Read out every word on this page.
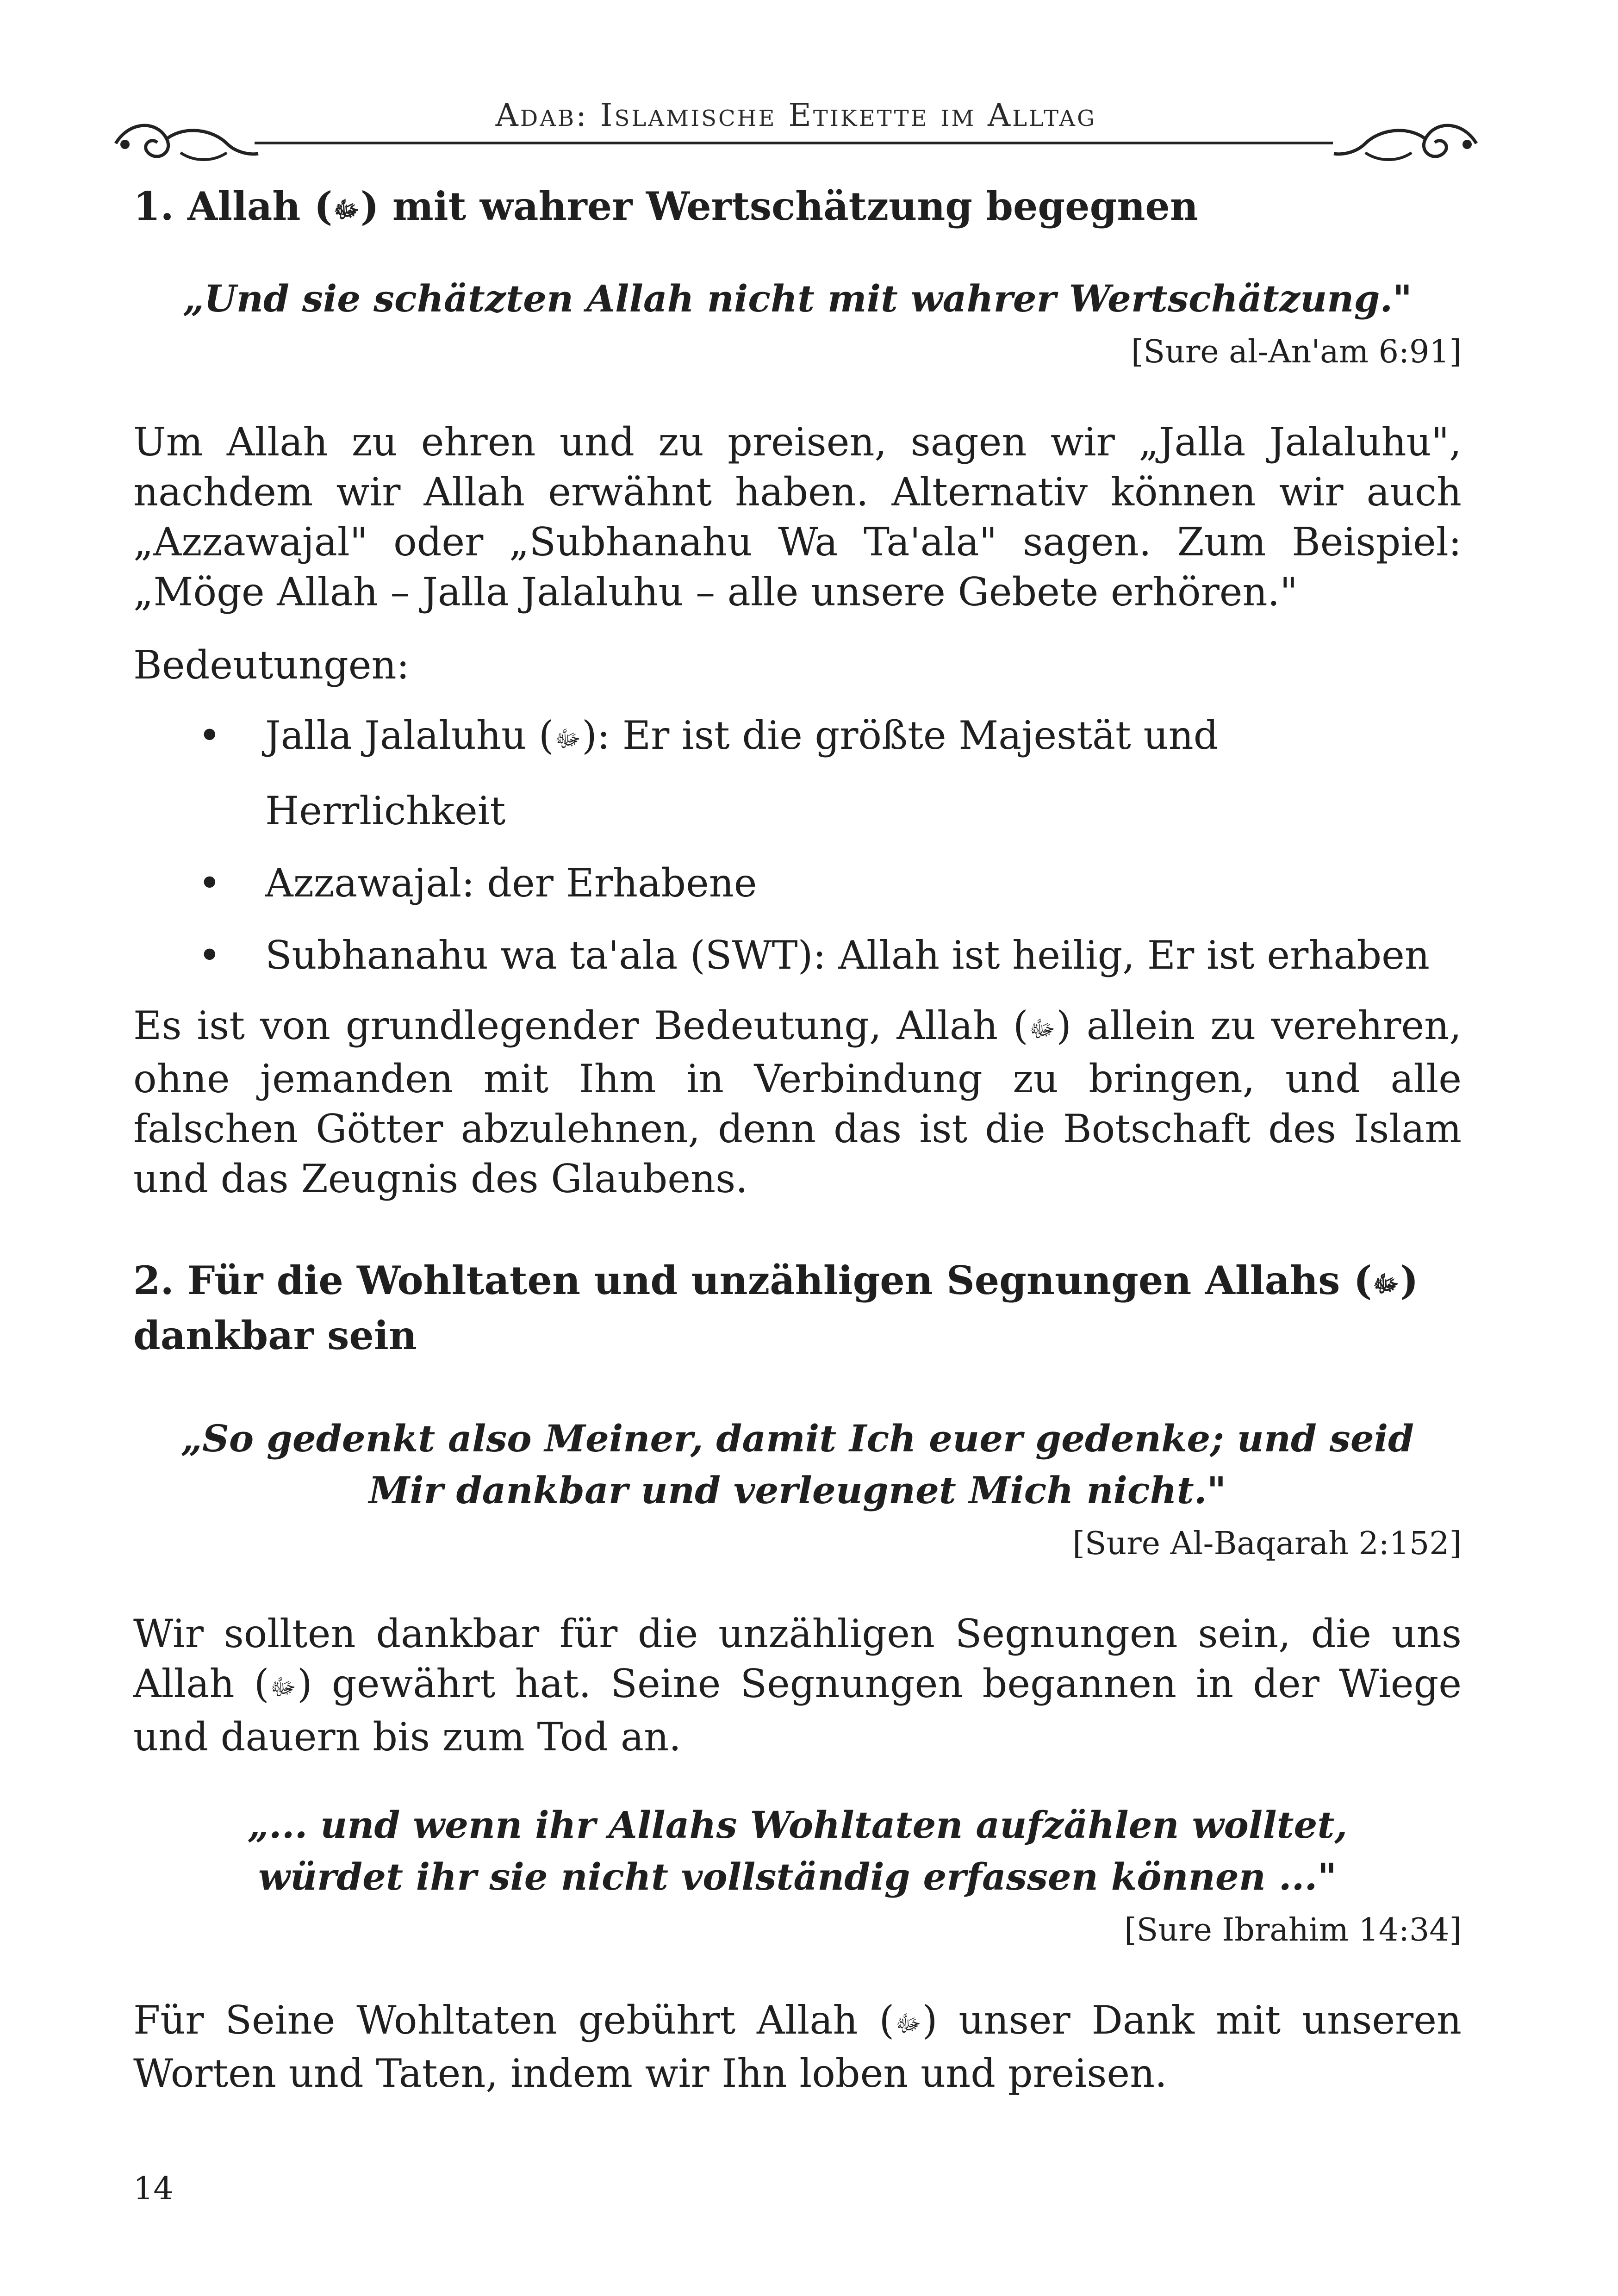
Adab: Islamische Etikette im Alltag
1. Allah (ﷻ) mit wahrer Wertschätzung begegnen

„Und sie schätzten Allah nicht mit wahrer Wertschätzung."

[Sure al-An'am 6:91]

Um Allah zu ehren und zu preisen, sagen wir „Jalla Jalaluhu", nachdem wir Allah erwähnt haben. Alternativ können wir auch „Azzawajal" oder „Subhanahu Wa Ta'ala" sagen. Zum Beispiel: „Möge Allah – Jalla Jalaluhu – alle unsere Gebete erhören."

Bedeutungen:

• Jalla Jalaluhu (ﷻ): Er ist die größte Majestät und Herrlichkeit
• Azzawajal: der Erhabene
• Subhanahu wa ta'ala (SWT): Allah ist heilig, Er ist erhaben

Es ist von grundlegender Bedeutung, Allah (ﷻ) allein zu verehren, ohne jemanden mit Ihm in Verbindung zu bringen, und alle falschen Götter abzulehnen, denn das ist die Botschaft des Islam und das Zeugnis des Glaubens.

2. Für die Wohltaten und unzähligen Segnungen Allahs (ﷻ) dankbar sein

„So gedenkt also Meiner, damit Ich euer gedenke; und seid Mir dankbar und verleugnet Mich nicht."

[Sure Al-Baqarah 2:152]

Wir sollten dankbar für die unzähligen Segnungen sein, die uns Allah (ﷻ) gewährt hat. Seine Segnungen begannen in der Wiege und dauern bis zum Tod an.

„... und wenn ihr Allahs Wohltaten aufzählen wolltet, würdet ihr sie nicht vollständig erfassen können ..."

[Sure Ibrahim 14:34]

Für Seine Wohltaten gebührt Allah (ﷻ) unser Dank mit unseren Worten und Taten, indem wir Ihn loben und preisen.

14
